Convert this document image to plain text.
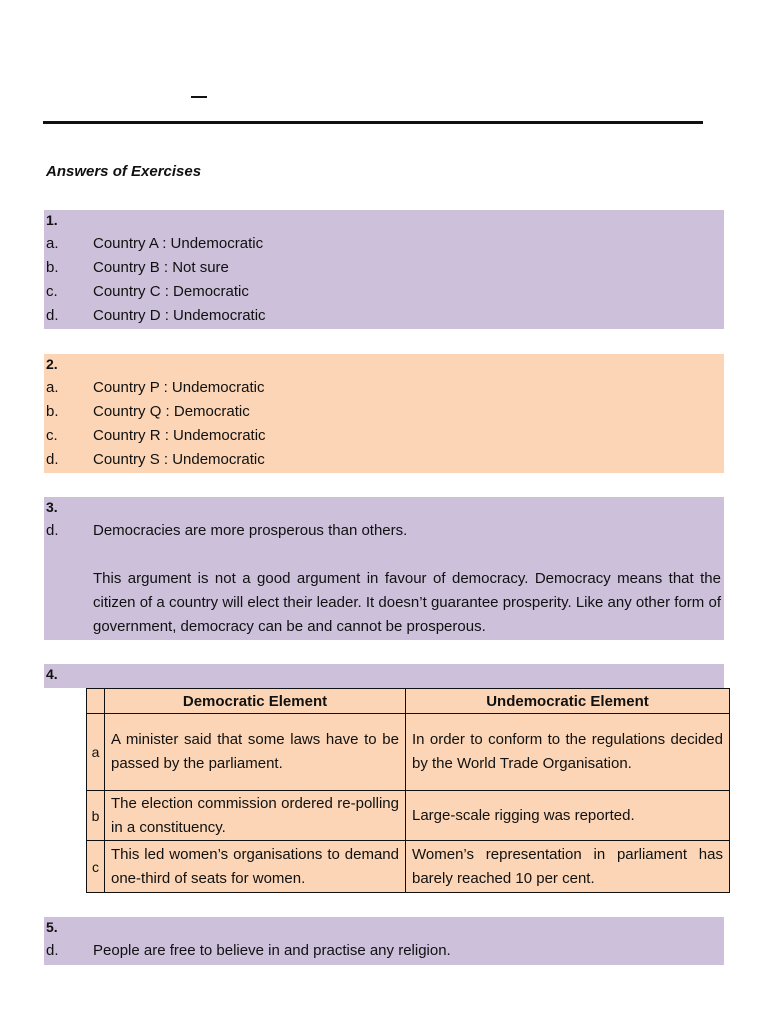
Answers of Exercises
1.
a. Country A : Undemocratic
b. Country B : Not sure
c. Country C : Democratic
d. Country D : Undemocratic
2.
a. Country P : Undemocratic
b. Country Q : Democratic
c. Country R : Undemocratic
d. Country S : Undemocratic
3.
d. Democracies are more prosperous than others.
This argument is not a good argument in favour of democracy. Democracy means that the citizen of a country will elect their leader. It doesn’t guarantee prosperity. Like any other form of government, democracy can be and cannot be prosperous.
4.
	Democratic Element	Undemocratic Element
a	A minister said that some laws have to be passed by the parliament.	In order to conform to the regulations decided by the World Trade Organisation.
b	The election commission ordered re-polling in a constituency.	Large-scale rigging was reported.
c	This led women’s organisations to demand one-third of seats for women.	Women’s representation in parliament has barely reached 10 per cent.
5.
d. People are free to believe in and practise any religion.
